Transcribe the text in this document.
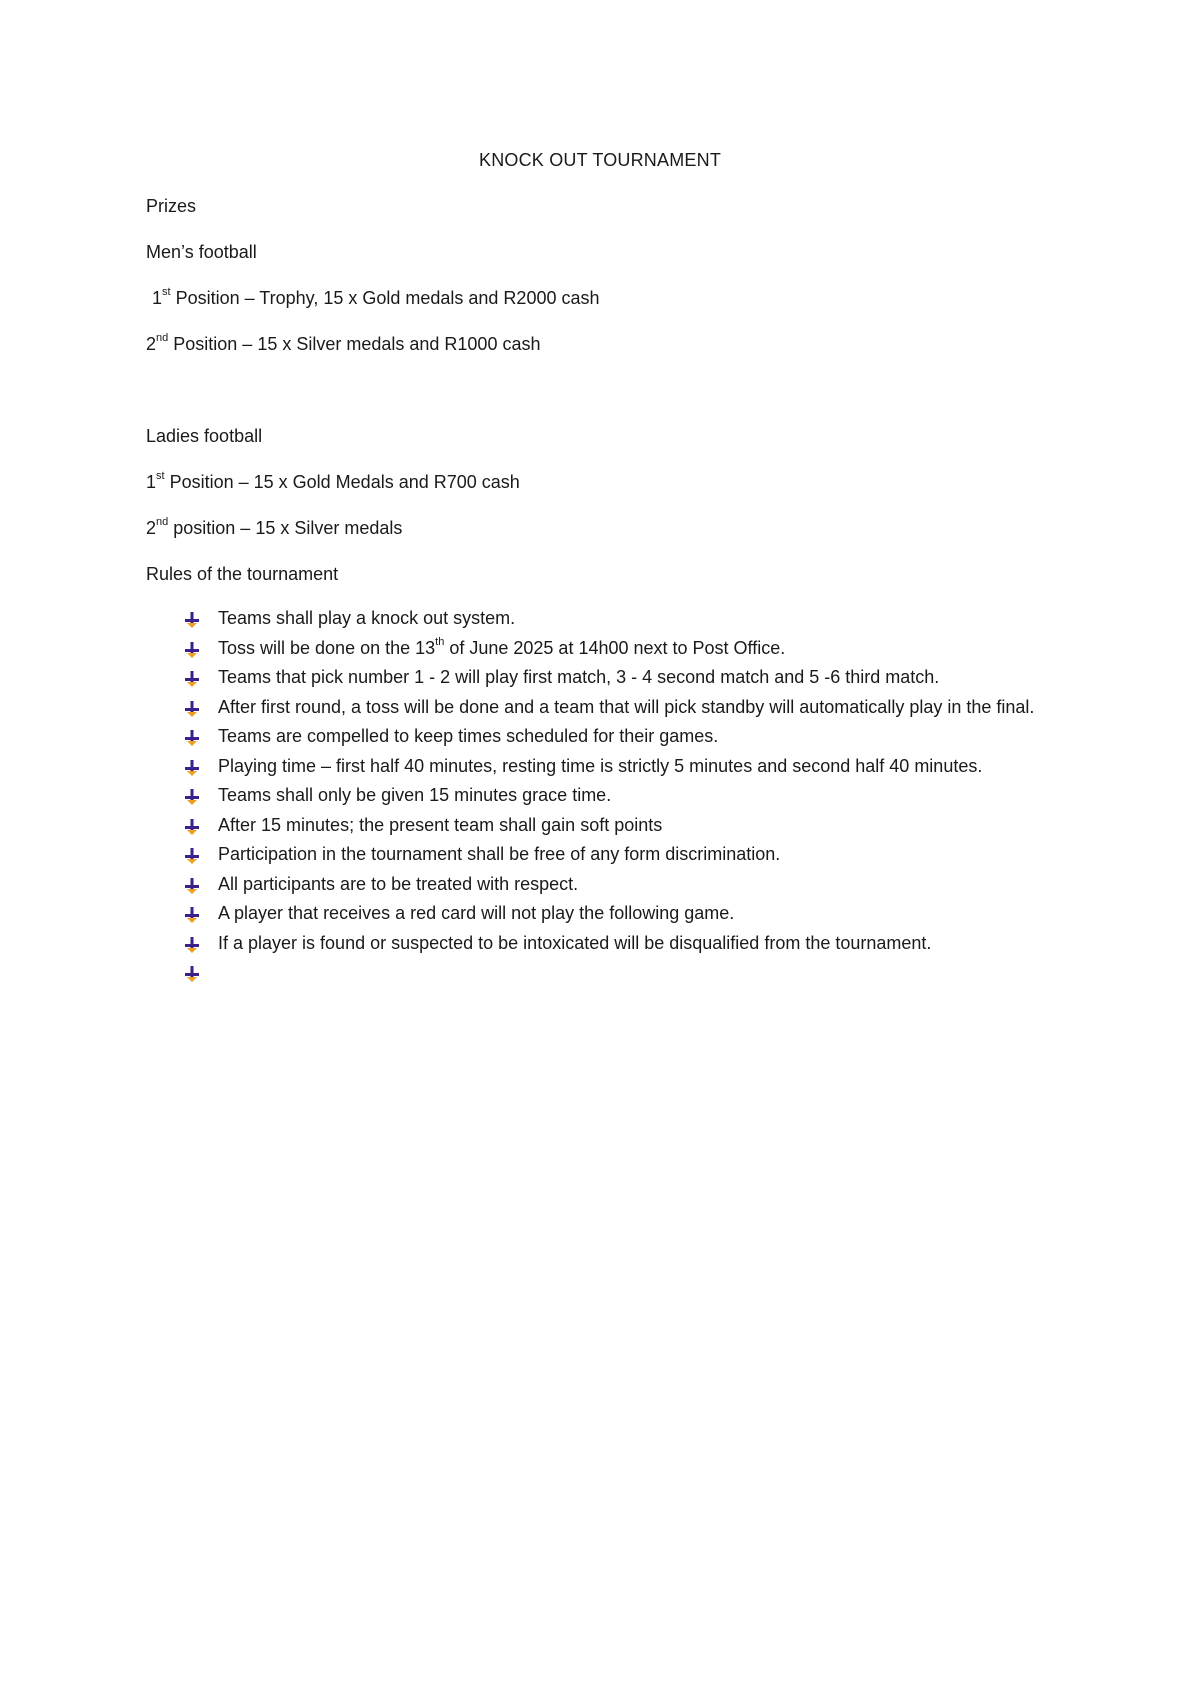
KNOCK OUT TOURNAMENT
Prizes
Men’s football
1st Position – Trophy, 15 x Gold medals and R2000 cash
2nd Position – 15 x Silver medals and R1000 cash
Ladies football
1st Position – 15 x Gold Medals and R700 cash
2nd position – 15 x Silver medals
Rules of the tournament
Teams shall play a knock out system.
Toss will be done on the 13th of June 2025 at 14h00 next to Post Office.
Teams that pick number 1 - 2 will play first match, 3 - 4 second match and 5 -6 third match.
After first round, a toss will be done and a team that will pick standby will automatically play in the final.
Teams are compelled to keep times scheduled for their games.
Playing time – first half 40 minutes, resting time is strictly 5 minutes and second half 40 minutes.
Teams shall only be given 15 minutes grace time.
After 15 minutes; the present team shall gain soft points
Participation in the tournament shall be free of any form discrimination.
All participants are to be treated with respect.
A player that receives a red card will not play the following game.
If a player is found or suspected to be intoxicated will be disqualified from the tournament.
